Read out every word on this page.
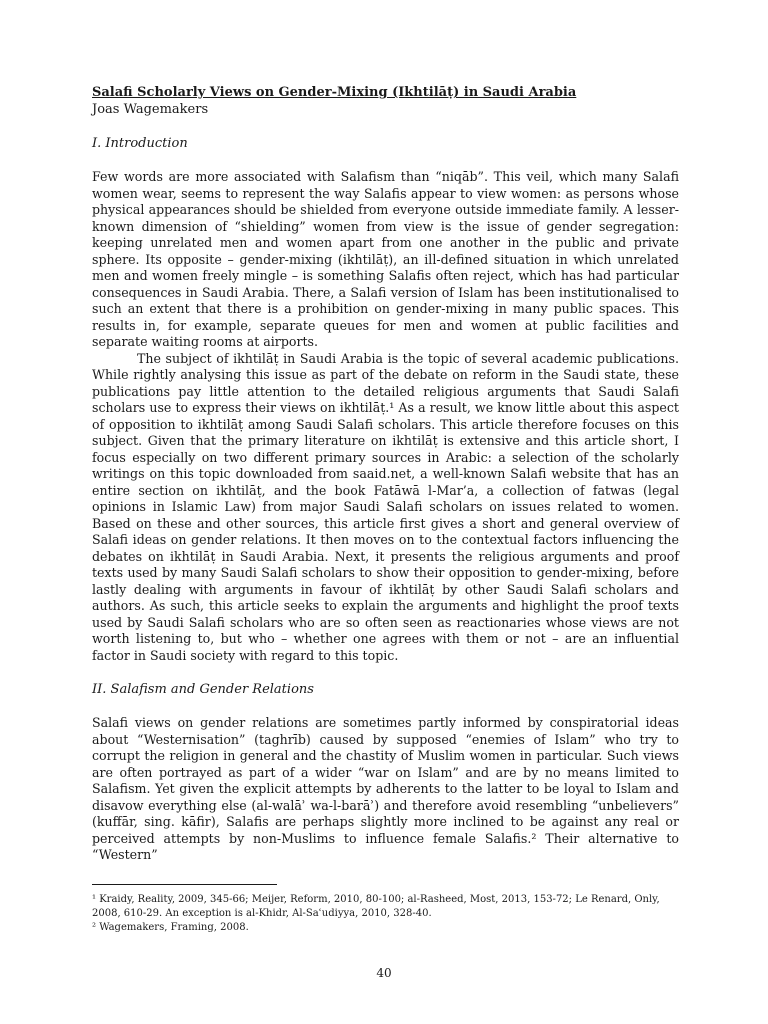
Salafi Scholarly Views on Gender-Mixing (Ikhtilāṭ) in Saudi Arabia

Joas Wagemakers

I. Introduction

Few words are more associated with Salafism than “niqāb”. This veil, which many Salafi women wear, seems to represent the way Salafis appear to view women: as persons whose physical appearances should be shielded from everyone outside immediate family. A lesser-known dimension of “shielding” women from view is the issue of gender segregation: keeping unrelated men and women apart from one another in the public and private sphere. Its opposite – gender-mixing (ikhtilāṭ), an ill-defined situation in which unrelated men and women freely mingle – is something Salafis often reject, which has had particular consequences in Saudi Arabia. There, a Salafi version of Islam has been institutionalised to such an extent that there is a prohibition on gender-mixing in many public spaces. This results in, for example, separate queues for men and women at public facilities and separate waiting rooms at airports.

The subject of ikhtilāṭ in Saudi Arabia is the topic of several academic publications. While rightly analysing this issue as part of the debate on reform in the Saudi state, these publications pay little attention to the detailed religious arguments that Saudi Salafi scholars use to express their views on ikhtilāṭ.¹ As a result, we know little about this aspect of opposition to ikhtilāṭ among Saudi Salafi scholars. This article therefore focuses on this subject. Given that the primary literature on ikhtilāṭ is extensive and this article short, I focus especially on two different primary sources in Arabic: a selection of the scholarly writings on this topic downloaded from saaid.net, a well-known Salafi website that has an entire section on ikhtilāṭ, and the book Fatāwā l-Mar’a, a collection of fatwas (legal opinions in Islamic Law) from major Saudi Salafi scholars on issues related to women. Based on these and other sources, this article first gives a short and general overview of Salafi ideas on gender relations. It then moves on to the contextual factors influencing the debates on ikhtilāṭ in Saudi Arabia. Next, it presents the religious arguments and proof texts used by many Saudi Salafi scholars to show their opposition to gender-mixing, before lastly dealing with arguments in favour of ikhtilāṭ by other Saudi Salafi scholars and authors. As such, this article seeks to explain the arguments and highlight the proof texts used by Saudi Salafi scholars who are so often seen as reactionaries whose views are not worth listening to, but who – whether one agrees with them or not – are an influential factor in Saudi society with regard to this topic.

II. Salafism and Gender Relations

Salafi views on gender relations are sometimes partly informed by conspiratorial ideas about “Westernisation” (taghrīb) caused by supposed “enemies of Islam” who try to corrupt the religion in general and the chastity of Muslim women in particular. Such views are often portrayed as part of a wider “war on Islam” and are by no means limited to Salafism. Yet given the explicit attempts by adherents to the latter to be loyal to Islam and disavow everything else (al-walāʾ wa-l-barāʾ) and therefore avoid resembling “unbelievers” (kuffār, sing. kāfir), Salafis are perhaps slightly more inclined to be against any real or perceived attempts by non-Muslims to influence female Salafis.² Their alternative to “Western”

¹ Kraidy, Reality, 2009, 345-66; Meijer, Reform, 2010, 80-100; al-Rasheed, Most, 2013, 153-72; Le Renard, Only, 2008, 610-29. An exception is al-Khidr, Al-Saʿudiyya, 2010, 328-40.

² Wagemakers, Framing, 2008.

40
